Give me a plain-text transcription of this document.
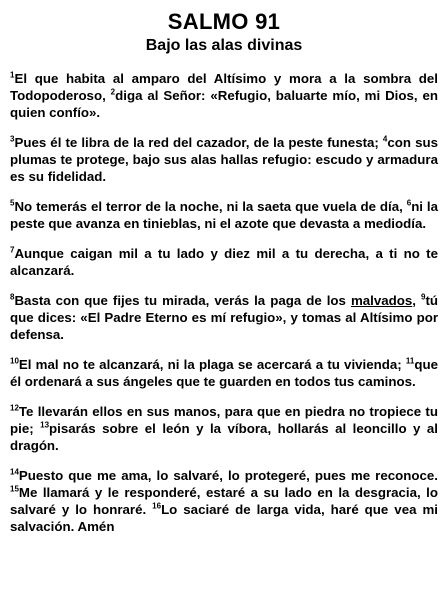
SALMO 91
Bajo las alas divinas

$^1$El que habita al amparo del Altísimo y mora a la sombra del Todopoderoso, $^2$diga al Señor: «Refugio, baluarte mío, mi Dios, en quien confío».

$^3$Pues él te libra de la red del cazador, de la peste funesta; $^4$con sus plumas te protege, bajo sus alas hallas refugio: escudo y armadura es su fidelidad.

$^5$No temerás el terror de la noche, ni la saeta que vuela de día, $^6$ni la peste que avanza en tinieblas, ni el azote que devasta a mediodía.

$^7$Aunque caigan mil a tu lado y diez mil a tu derecha, a ti no te alcanzará.

$^8$Basta con que fijes tu mirada, verás la paga de los malvados, $^9$tú que dices: «El Padre Eterno es mí refugio», y tomas al Altísimo por defensa.

$^{10}$El mal no te alcanzará, ni la plaga se acercará a tu vivienda; $^{11}$que él ordenará a sus ángeles que te guarden en todos tus caminos.

$^{12}$Te llevarán ellos en sus manos, para que en piedra no tropiece tu pie; $^{13}$pisarás sobre el león y la víbora, hollarás al leoncillo y al dragón.

$^{14}$Puesto que me ama, lo salvaré, lo protegeré, pues me reconoce. $^{15}$Me llamará y le responderé, estaré a su lado en la desgracia, lo salvaré y lo honraré. $^{16}$Lo saciaré de larga vida, haré que vea mi salvación. Amén
